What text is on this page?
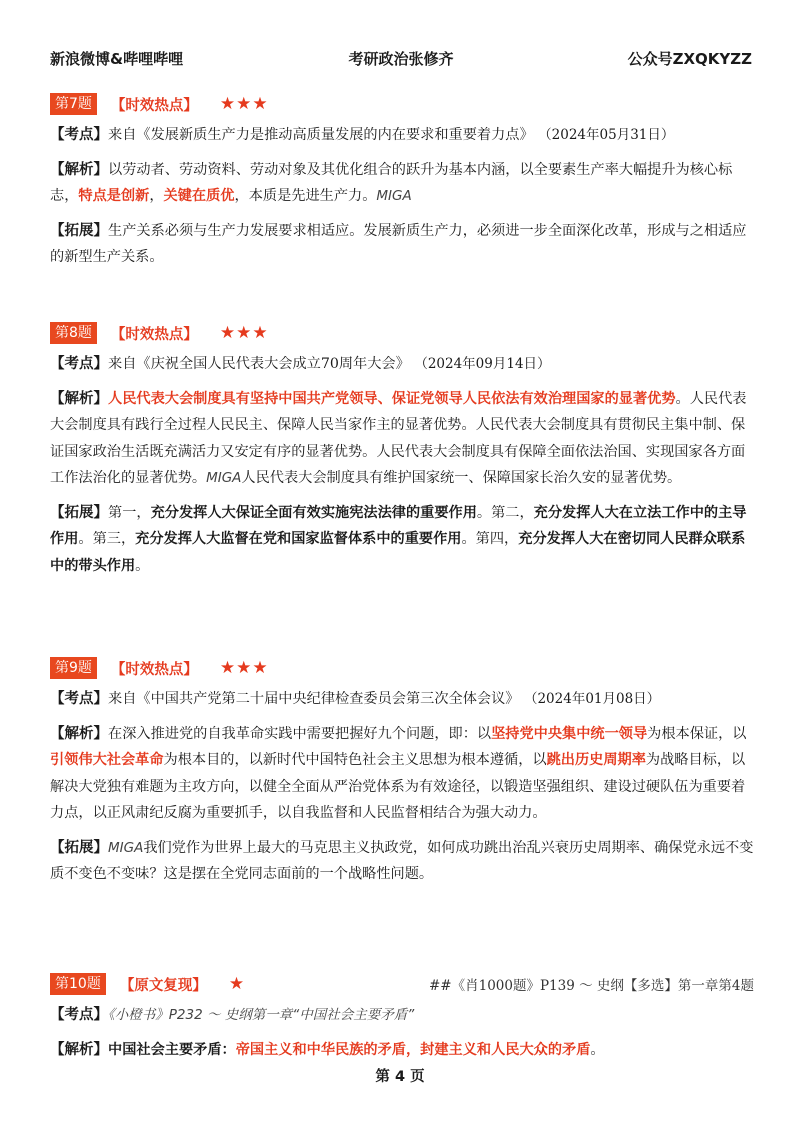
新浪微博&哔哩哔哩	考研政治张修齐	公众号ZXQKYZZ
第7题	【时效热点】 ★★★
【考点】来自《发展新质生产力是推动高质量发展的内在要求和重要着力点》 （2024年05月31日）
【解析】以劳动者、劳动资料、劳动对象及其优化组合的跃升为基本内涵，以全要素生产率大幅提升为核心标志，特点是创新，关键在质优，本质是先进生产力。MIGA
【拓展】生产关系必须与生产力发展要求相适应。发展新质生产力，必须进一步全面深化改革，形成与之相适应的新型生产关系。
第8题	【时效热点】 ★★★
【考点】来自《庆祝全国人民代表大会成立70周年大会》 （2024年09月14日）
【解析】人民代表大会制度具有坚持中国共产党领导、保证党领导人民依法有效治理国家的显著优势。人民代表大会制度具有践行全过程人民民主、保障人民当家作主的显著优势。人民代表大会制度具有贯彻民主集中制、保证国家政治生活既充满活力又安定有序的显著优势。人民代表大会制度具有保障全面依法治国、实现国家各方面工作法治化的显著优势。MIGA人民代表大会制度具有维护国家统一、保障国家长治久安的显著优势。
【拓展】第一，充分发挥人大保证全面有效实施宪法法律的重要作用。第二，充分发挥人大在立法工作中的主导作用。第三，充分发挥人大监督在党和国家监督体系中的重要作用。第四，充分发挥人大在密切同人民群众联系中的带头作用。
第9题	【时效热点】 ★★★
【考点】来自《中国共产党第二十届中央纪律检查委员会第三次全体会议》 （2024年01月08日）
【解析】在深入推进党的自我革命实践中需要把握好九个问题，即：以坚持党中央集中统一领导为根本保证，以引领伟大社会革命为根本目的，以新时代中国特色社会主义思想为根本遵循，以跳出历史周期率为战略目标，以解决大党独有难题为主攻方向，以健全全面从严治党体系为有效途径，以锻造坚强组织、建设过硬队伍为重要着力点，以正风肃纪反腐为重要抓手，以自我监督和人民监督相结合为强大动力。
【拓展】MIGA我们党作为世界上最大的马克思主义执政党，如何成功跳出治乱兴衰历史周期率、确保党永远不变质不变色不变味？这是摆在全党同志面前的一个战略性问题。
第10题	【原文复现】 ★	##《肖1000题》P139 ～ 史纲【多选】第一章第4题
【考点】《小橙书》P232 ～ 史纲第一章“中国社会主要矛盾”
【解析】中国社会主要矛盾：帝国主义和中华民族的矛盾，封建主义和人民大众的矛盾。
第 4 页
